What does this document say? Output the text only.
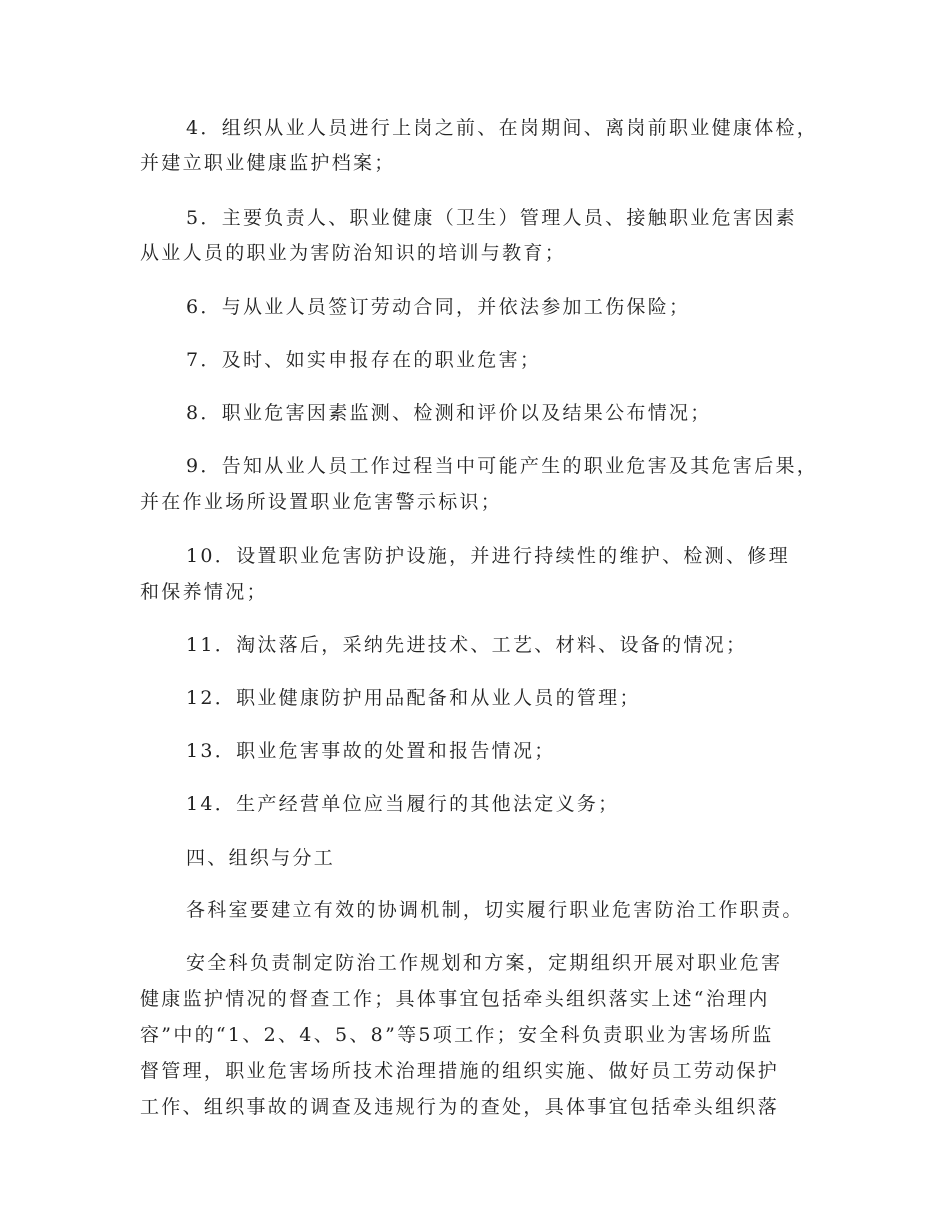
4．组织从业人员进行上岗之前、在岗期间、离岗前职业健康体检，
并建立职业健康监护档案；
5．主要负责人、职业健康（卫生）管理人员、接触职业危害因素
从业人员的职业为害防治知识的培训与教育；
6．与从业人员签订劳动合同，并依法参加工伤保险；
7．及时、如实申报存在的职业危害；
8．职业危害因素监测、检测和评价以及结果公布情况；
9．告知从业人员工作过程当中可能产生的职业危害及其危害后果，
并在作业场所设置职业危害警示标识；
10．设置职业危害防护设施，并进行持续性的维护、检测、修理
和保养情况；
11．淘汰落后，采纳先进技术、工艺、材料、设备的情况；
12．职业健康防护用品配备和从业人员的管理；
13．职业危害事故的处置和报告情况；
14．生产经营单位应当履行的其他法定义务；
四、组织与分工
各科室要建立有效的协调机制，切实履行职业危害防治工作职责。
安全科负责制定防治工作规划和方案，定期组织开展对职业危害
健康监护情况的督查工作；具体事宜包括牵头组织落实上述“治理内
容”中的“1、2、4、5、8”等5项工作；安全科负责职业为害场所监
督管理，职业危害场所技术治理措施的组织实施、做好员工劳动保护
工作、组织事故的调查及违规行为的查处，具体事宜包括牵头组织落
